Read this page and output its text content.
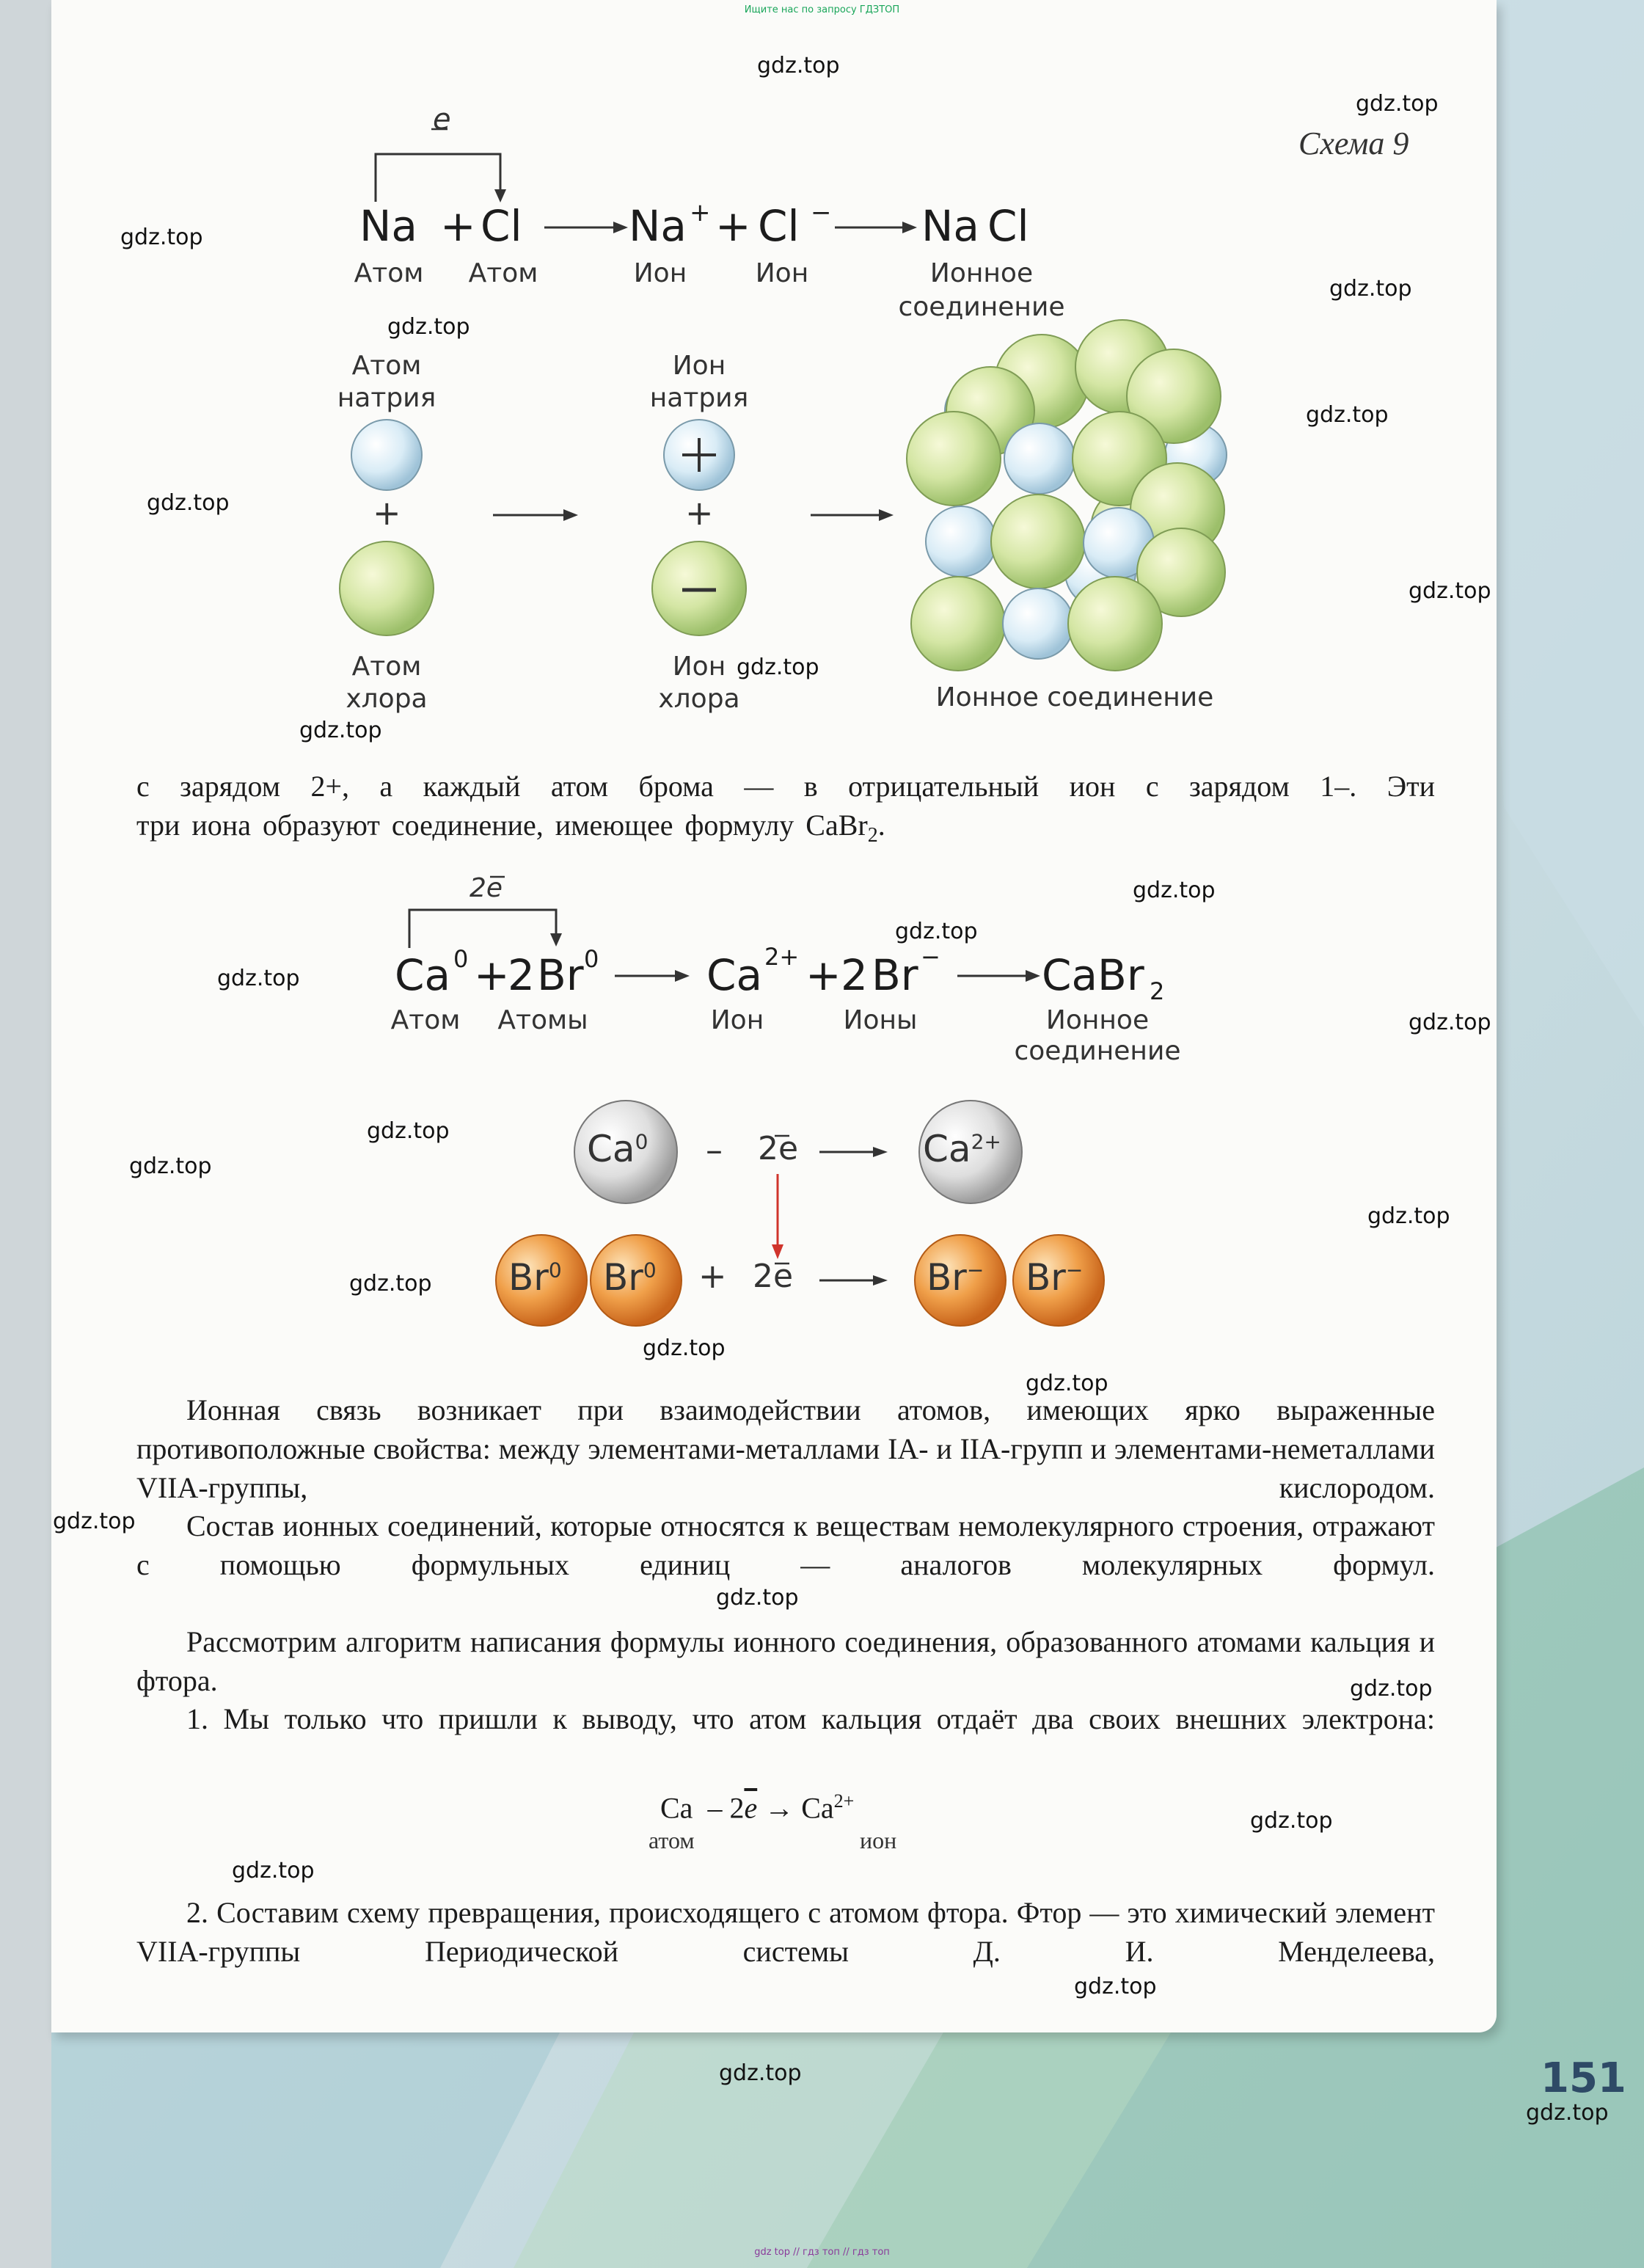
Ищите нас по запросу ГДЗТОП
Схема 9
e
Na + Cl	Na + + Cl − Na Cl
Атом Атом	Ион	Ион	Ионное
соединение
Атом
натрия
Ион
натрия
+	+
Атом
хлора
Ион
хлора	Ионное соединение
с зарядом 2+, а каждый атом брома — в отрицательный ион с зарядом 1–. Эти
три иона образуют соединение, имеющее формулу CaBr$_2$.
2e
Ca 0 +
2 Br 0	Ca 2+ + 2 Br − CaBr 2
Атом	Атомы	Ион	Ионы	Ионное
соединение
Ca$^0$ – 2e	$Ca^{2+}$
Br$^0$ $Br^0 + 2e$	Br− Br−
Ионная связь возникает при взаимодействии атомов, имеющих ярко выраженные противоположные свойства: между элементами-металлами IA- и IIA-групп и элементами-неметаллами VIIA-группы, кислородом.
Состав ионных соединений, которые относятся к веществам немолекулярного строения, отражают с помощью формульных единиц — аналогов молекулярных формул.
Рассмотрим алгоритм написания формулы ионного соединения, образованного атомами кальция и фтора.
1. Мы только что пришли к выводу, что атом кальция отдаёт два своих внешних электрона:
$Ca - 2\overline{e} \to Ca^{2+}$
атом	ион
2. Составим схему превращения, происходящего с атомом фтора. Фтор — это химический элемент VIIA-группы Периодической системы Д. И. Менделеева,
151
gdz top // гдз топ // гдз топ
gdz.top
gdz.top
gdz.top
gdz.top
gdz.top
gdz.top
gdz.top
gdz.top
gdz.top
gdz.top
gdz.top
gdz.top
gdz.top
gdz.top
gdz.top
gdz.top
gdz.top
gdz.top
gdz.top
gdz.top
gdz.top
gdz.top
gdz.top
gdz.top
gdz.top
gdz.top
gdz.top
gdz.top
